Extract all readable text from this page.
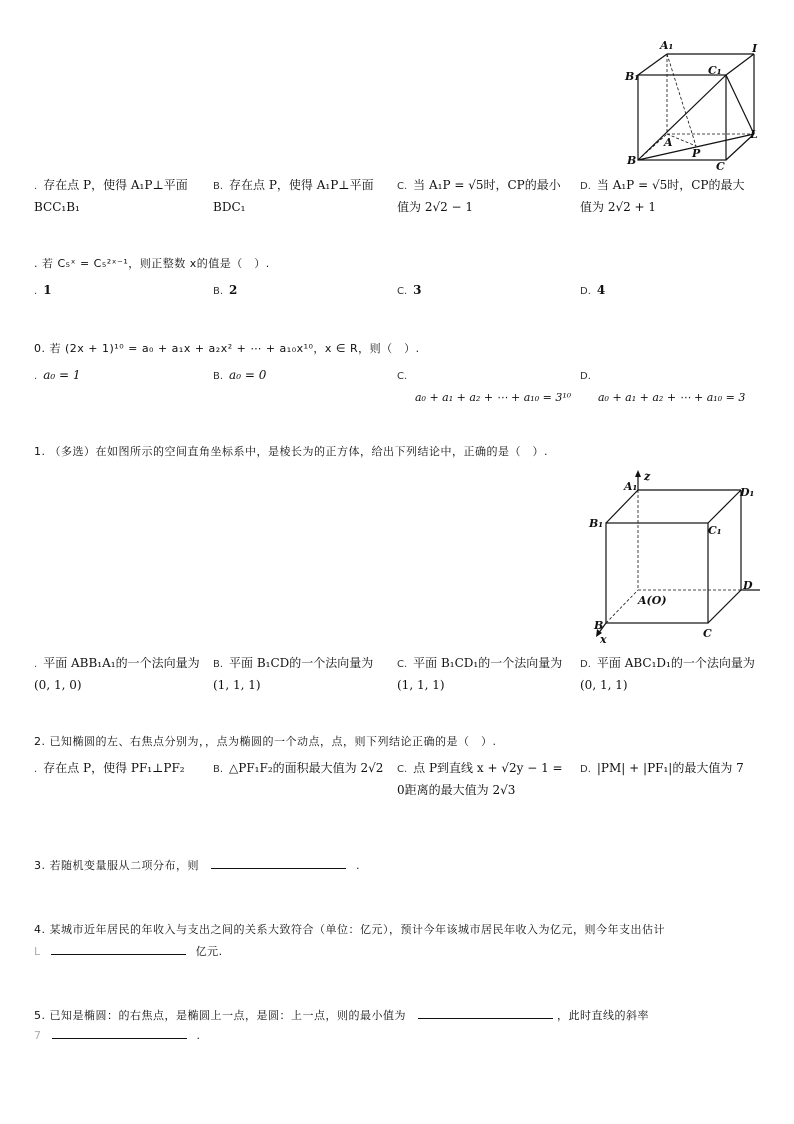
A₁	I
B₁	C₁
L
A
P
B	C
. 存在点 P，使得 A₁P⊥平面 BCC₁B₁
B. 存在点 P，使得 A₁P⊥平面 BDC₁
C. 当 A₁P = √5时，CP的最小值为 2√2 − 1
D. 当 A₁P = √5时，CP的最大值为 2√2 + 1
. 若 C₅ˣ = C₅²ˣ⁻¹，则正整数 x的值是（　）.
. 1	B. 2	C. 3	D. 4
0. 若 (2x + 1)¹⁰ = a₀ + a₁x + a₂x² + ⋯ + a₁₀x¹⁰，x ∈ R，则（　）.
. a₀ = 1	B. a₀ = 0	C.
a₀ + a₁ + a₂ + ⋯ + a₁₀ = 3¹⁰
D.
a₀ + a₁ + a₂ + ⋯ + a₁₀ = 3
1. （多选）在如图所示的空间直角坐标系中，是棱长为的正方体，给出下列结论中，正确的是（　）.
A₁
z
D₁
B₁
C₁
D
A(O)
B
x	C
. 平面 ABB₁A₁的一个法向量为 (0, 1, 0)
B. 平面 B₁CD的一个法向量为 (1, 1, 1)
C. 平面 B₁CD₁的一个法向量为 (1, 1, 1)
D. 平面 ABC₁D₁的一个法向量为 (0, 1, 1)
2. 已知椭圆的左、右焦点分别为，，点为椭圆的一个动点，点，则下列结论正确的是（　）.
. 存在点 P，使得 PF₁⊥PF₂	B. △PF₁F₂的面积最大值为 2√2	C. 点 P到直线 x + √2y − 1 = 0距离的最大值为 2√3
D. |PM| + |PF₁|的最大值为 7
3. 若随机变量服从二项分布，则	.
4. 某城市近年居民的年收入与支出之间的关系大致符合（单位：亿元），预计今年该城市居民年收入为亿元，则今年支出估计
L	亿元.
5. 已知是椭圆：的右焦点，是椭圆上一点，是圆：上一点，则的最小值为	，此时直线的斜率
7	.
